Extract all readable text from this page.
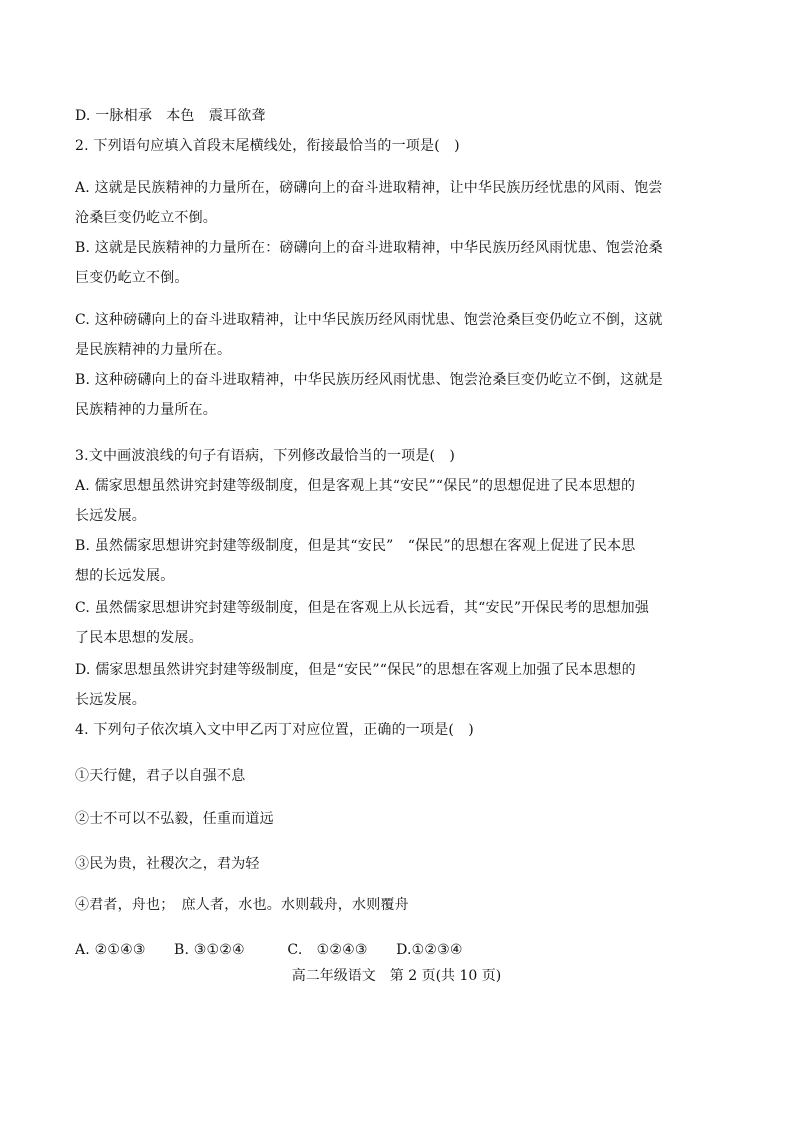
D. 一脉相承　本色　震耳欲聋
2. 下列语句应填入首段末尾横线处，衔接最恰当的一项是(　)
A. 这就是民族精神的力量所在，磅礴向上的奋斗进取精神，让中华民族历经忧患的风雨、饱尝
沧桑巨变仍屹立不倒。
B. 这就是民族精神的力量所在：磅礴向上的奋斗进取精神，中华民族历经风雨忧患、饱尝沧桑
巨变仍屹立不倒。
C. 这种磅礴向上的奋斗进取精神，让中华民族历经风雨忧患、饱尝沧桑巨变仍屹立不倒，这就
是民族精神的力量所在。
B. 这种磅礴向上的奋斗进取精神，中华民族历经风雨忧患、饱尝沧桑巨变仍屹立不倒，这就是
民族精神的力量所在。
3.文中画波浪线的句子有语病，下列修改最恰当的一项是(　)
A. 儒家思想虽然讲究封建等级制度，但是客观上其“安民”“保民”的思想促进了民本思想的
长远发展。
B. 虽然儒家思想讲究封建等级制度，但是其“安民”　“保民”的思想在客观上促进了民本思
想的长远发展。
C. 虽然儒家思想讲究封建等级制度，但是在客观上从长远看，其“安民”开保民考的思想加强
了民本思想的发展。
D. 儒家思想虽然讲究封建等级制度，但是“安民”“保民”的思想在客观上加强了民本思想的
长远发展。
4. 下列句子依次填入文中甲乙丙丁对应位置，正确的一项是(　)
①天行健，君子以自强不息
②士不可以不弘毅，任重而道远
③民为贵，社稷次之，君为轻
④君者，舟也；　庶人者，水也。水则载舟，水则覆舟
A. ②①④③　　B. ③①②④　　　C.　①②④③　　D.①②③④
高二年级语文　第 2 页(共 10 页)
